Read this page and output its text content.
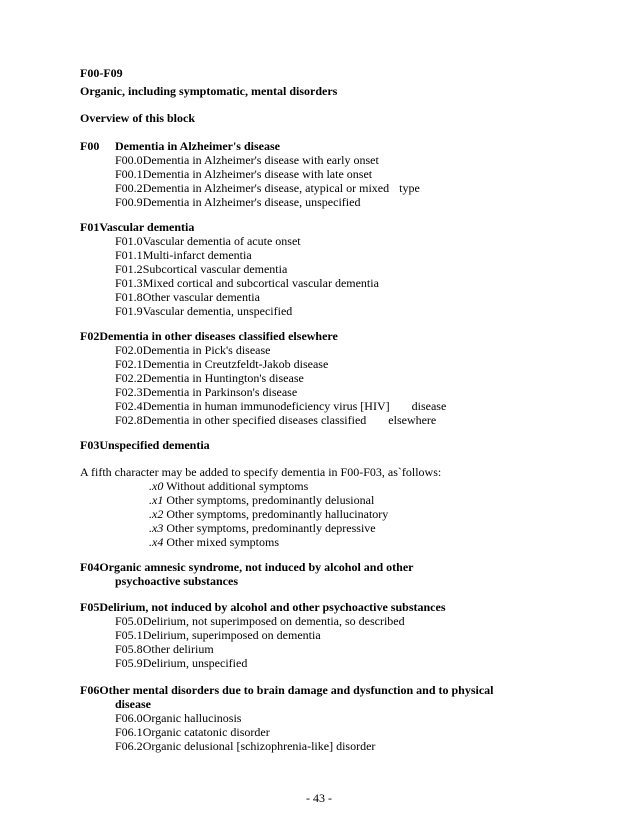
F00-F09
Organic, including symptomatic, mental disorders
Overview of this block
F00 Dementia in Alzheimer's disease
F00.0Dementia in Alzheimer's disease with early onset
F00.1Dementia in Alzheimer's disease with late onset
F00.2Dementia in Alzheimer's disease, atypical or mixed type
F00.9Dementia in Alzheimer's disease, unspecified
F01Vascular dementia
F01.0Vascular dementia of acute onset
F01.1Multi-infarct dementia
F01.2Subcortical vascular dementia
F01.3Mixed cortical and subcortical vascular dementia
F01.8Other vascular dementia
F01.9Vascular dementia, unspecified
F02Dementia in other diseases classified elsewhere
F02.0Dementia in Pick's disease
F02.1Dementia in Creutzfeldt-Jakob disease
F02.2Dementia in Huntington's disease
F02.3Dementia in Parkinson's disease
F02.4Dementia in human immunodeficiency virus [HIV] disease
F02.8Dementia in other specified diseases classified elsewhere
F03Unspecified dementia
A fifth character may be added to specify dementia in F00-F03, as`follows:
.x0 Without additional symptoms
.x1 Other symptoms, predominantly delusional
.x2 Other symptoms, predominantly hallucinatory
.x3 Other symptoms, predominantly depressive
.x4 Other mixed symptoms
F04Organic amnesic syndrome, not induced by alcohol and other
psychoactive substances
F05Delirium, not induced by alcohol and other psychoactive substances
F05.0Delirium, not superimposed on dementia, so described
F05.1Delirium, superimposed on dementia
F05.8Other delirium
F05.9Delirium, unspecified
F06Other mental disorders due to brain damage and dysfunction and to physical
disease
F06.0Organic hallucinosis
F06.1Organic catatonic disorder
F06.2Organic delusional [schizophrenia-like] disorder
- 43 -
